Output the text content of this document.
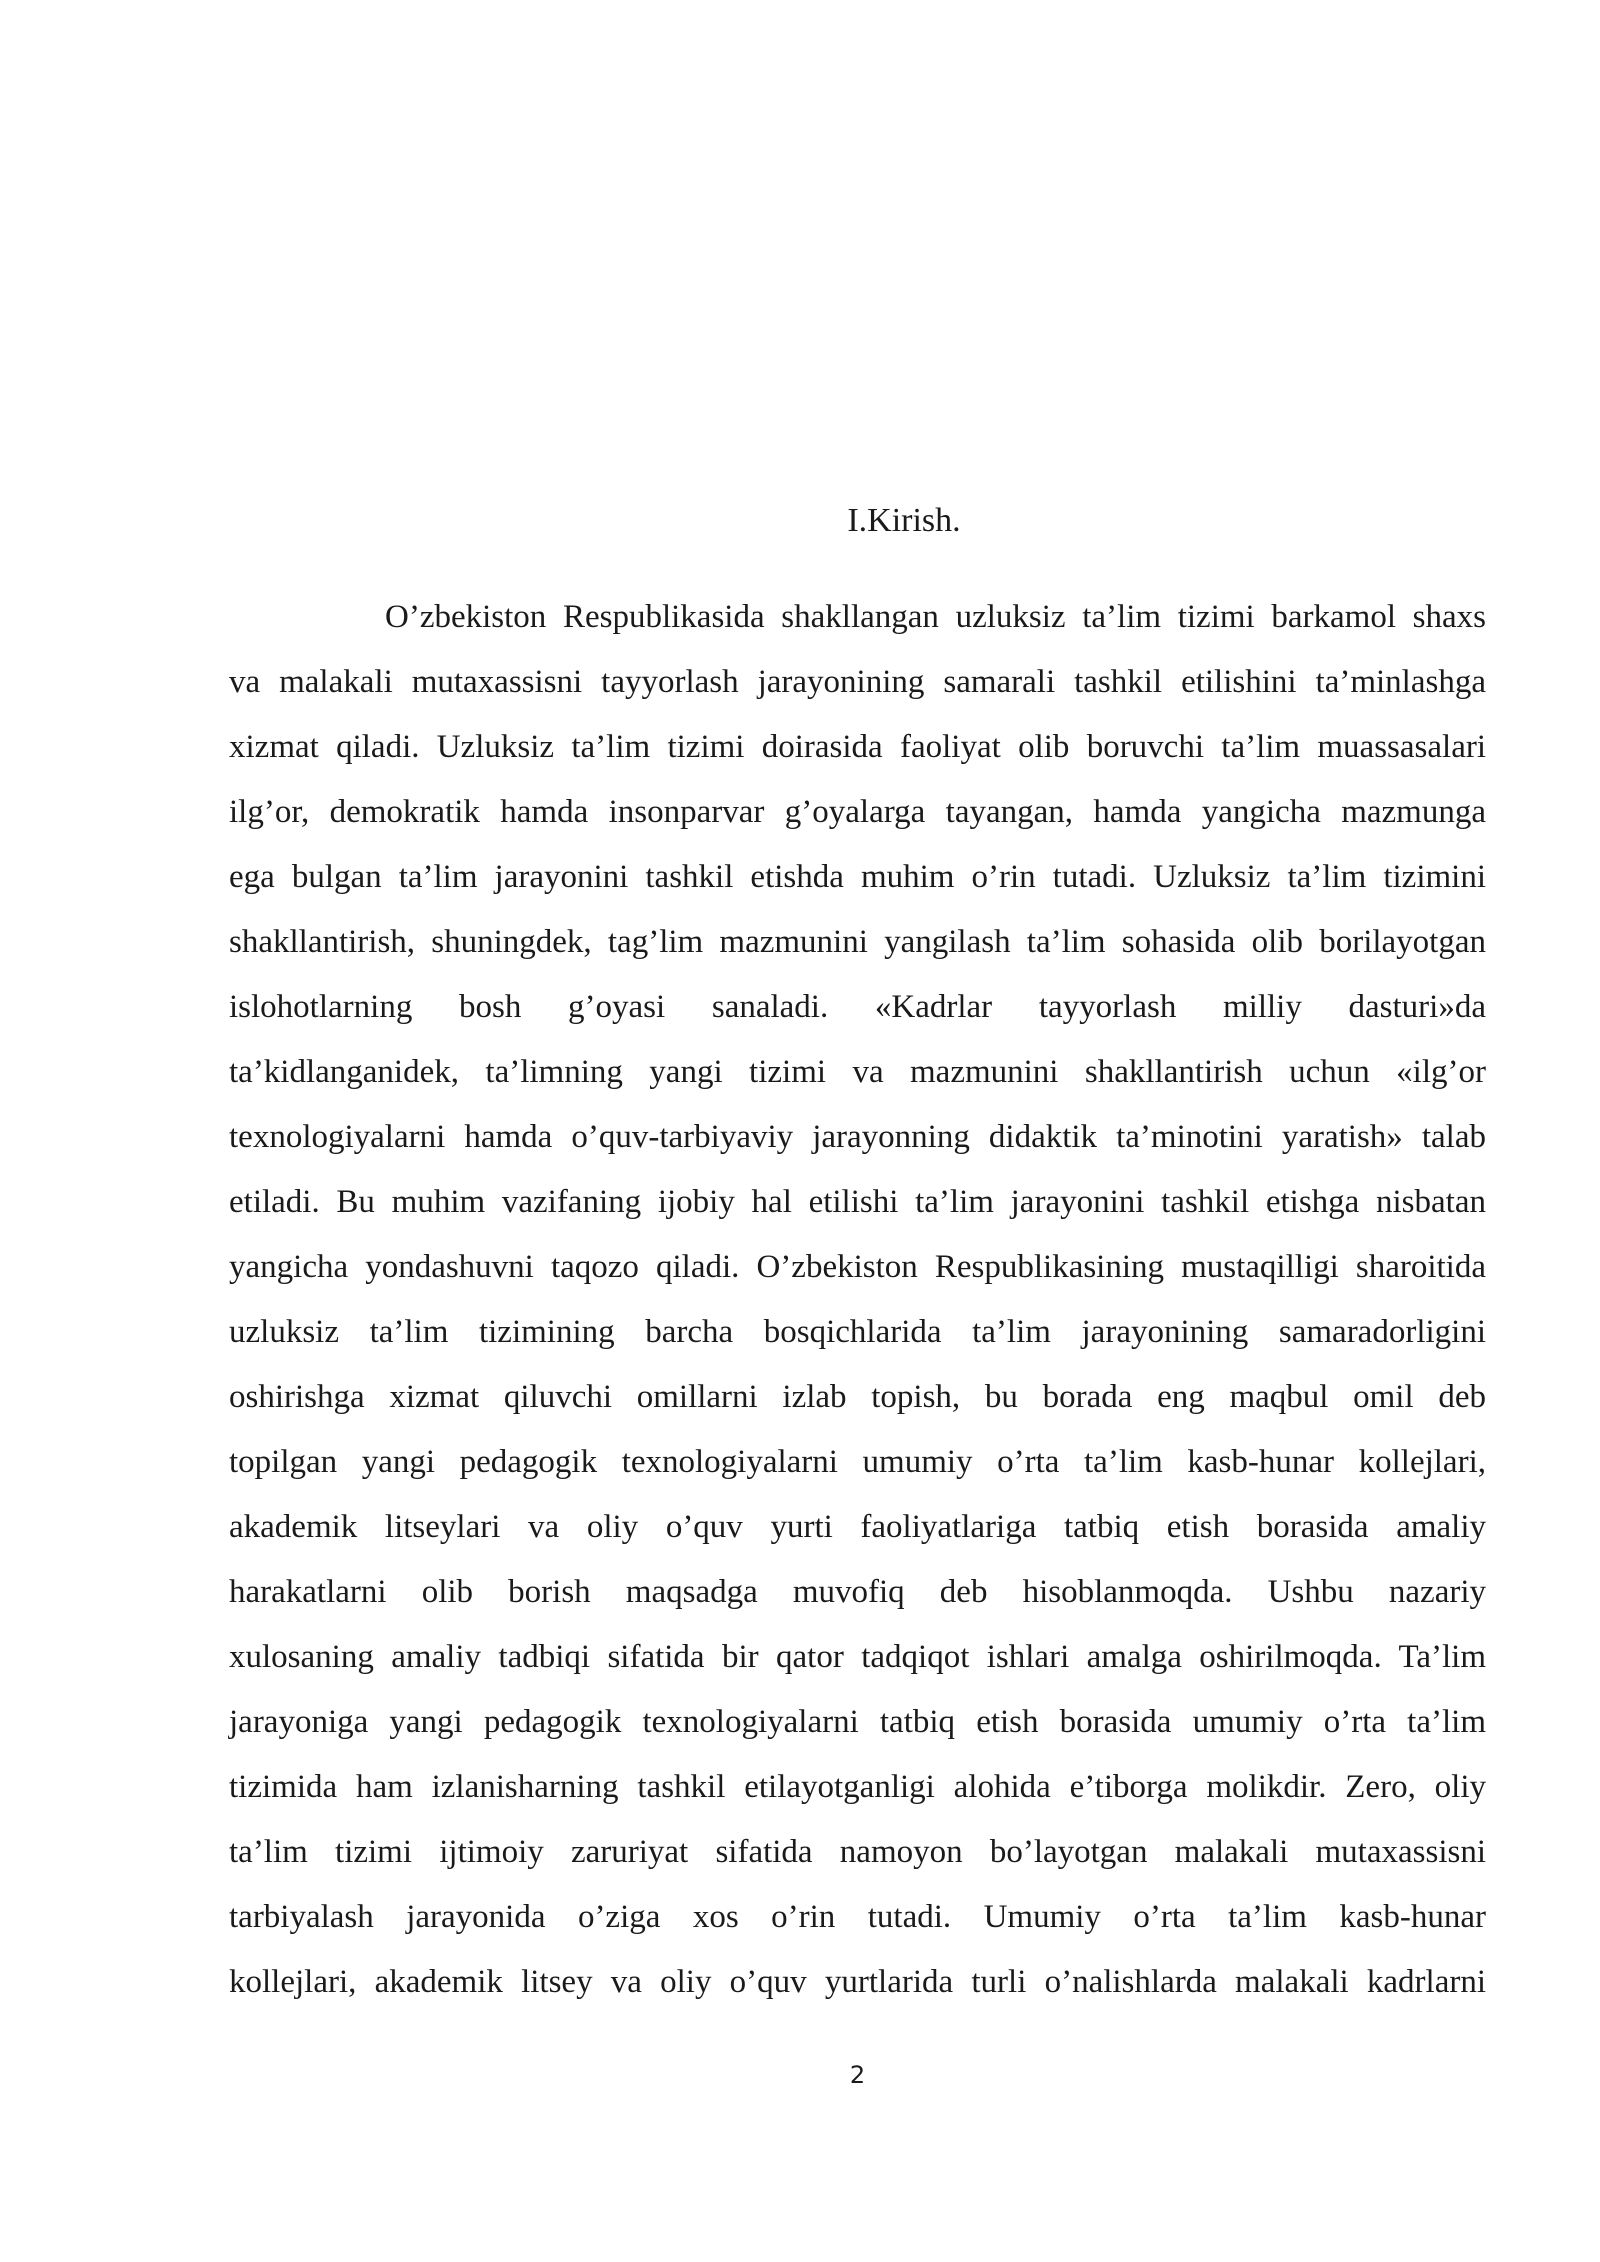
I.Kirish.
O’zbekiston Respublikasida shakllangan uzluksiz ta’lim tizimi barkamol shaxs
va malakali mutaxassisni tayyorlash jarayonining samarali tashkil etilishini ta’minlashga
xizmat qiladi. Uzluksiz ta’lim tizimi doirasida faoliyat olib boruvchi ta’lim muassasalari
ilg’or, demokratik hamda insonparvar g’oyalarga tayangan, hamda yangicha mazmunga
ega bulgan ta’lim jarayonini tashkil etishda muhim o’rin tutadi. Uzluksiz ta’lim tizimini
shakllantirish, shuningdek, tag’lim mazmunini yangilash ta’lim sohasida olib borilayotgan
islohotlarning bosh g’oyasi sanaladi. «Kadrlar tayyorlash milliy dasturi»da
ta’kidlanganidek, ta’limning yangi tizimi va mazmunini shakllantirish uchun «ilg’or
texnologiyalarni hamda o’quv-tarbiyaviy jarayonning didaktik ta’minotini yaratish» talab
etiladi. Bu muhim vazifaning ijobiy hal etilishi ta’lim jarayonini tashkil etishga nisbatan
yangicha yondashuvni taqozo qiladi. O’zbekiston Respublikasining mustaqilligi sharoitida
uzluksiz ta’lim tizimining barcha bosqichlarida ta’lim jarayonining samaradorligini
oshirishga xizmat qiluvchi omillarni izlab topish, bu borada eng maqbul omil deb
topilgan yangi pedagogik texnologiyalarni umumiy o’rta ta’lim kasb-hunar kollejlari,
akademik litseylari va oliy o’quv yurti faoliyatlariga tatbiq etish borasida amaliy
harakatlarni olib borish maqsadga muvofiq deb hisoblanmoqda. Ushbu nazariy
xulosaning amaliy tadbiqi sifatida bir qator tadqiqot ishlari amalga oshirilmoqda. Ta’lim
jarayoniga yangi pedagogik texnologiyalarni tatbiq etish borasida umumiy o’rta ta’lim
tizimida ham izlanisharning tashkil etilayotganligi alohida e’tiborga molikdir. Zero, oliy
ta’lim tizimi ijtimoiy zaruriyat sifatida namoyon bo’layotgan malakali mutaxassisni
tarbiyalash jarayonida o’ziga xos o’rin tutadi. Umumiy o’rta ta’lim kasb-hunar
kollejlari, akademik litsey va oliy o’quv yurtlarida turli o’nalishlarda malakali kadrlarni
2
